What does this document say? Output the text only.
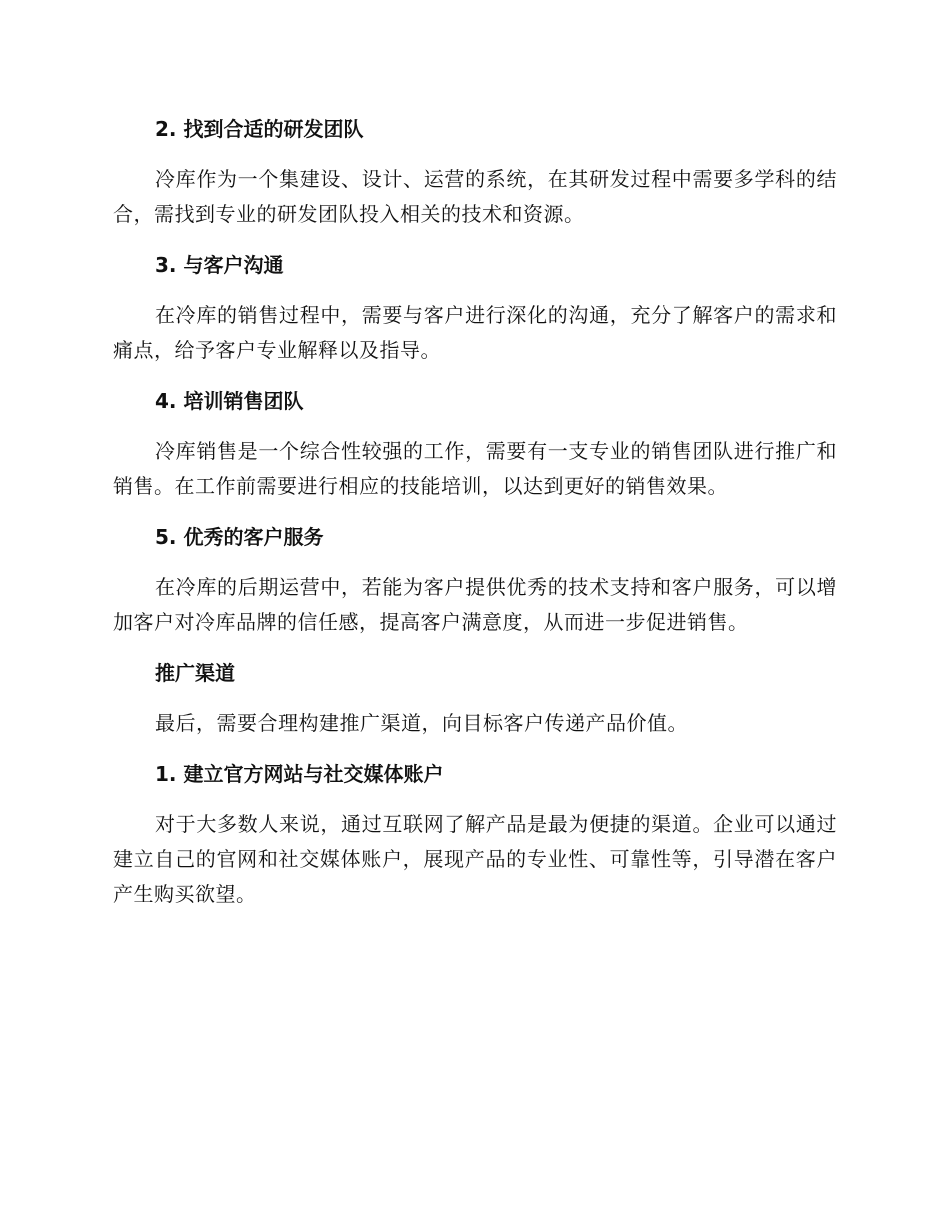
2. 找到合适的研发团队

冷库作为一个集建设、设计、运营的系统，在其研发过程中需要多学科的结合，需找到专业的研发团队投入相关的技术和资源。

3. 与客户沟通

在冷库的销售过程中，需要与客户进行深化的沟通，充分了解客户的需求和痛点，给予客户专业解释以及指导。

4. 培训销售团队

冷库销售是一个综合性较强的工作，需要有一支专业的销售团队进行推广和销售。在工作前需要进行相应的技能培训，以达到更好的销售效果。

5. 优秀的客户服务

在冷库的后期运营中，若能为客户提供优秀的技术支持和客户服务，可以增加客户对冷库品牌的信任感，提高客户满意度，从而进一步促进销售。

推广渠道

最后，需要合理构建推广渠道，向目标客户传递产品价值。

1. 建立官方网站与社交媒体账户

对于大多数人来说，通过互联网了解产品是最为便捷的渠道。企业可以通过建立自己的官网和社交媒体账户，展现产品的专业性、可靠性等，引导潜在客户产生购买欲望。
